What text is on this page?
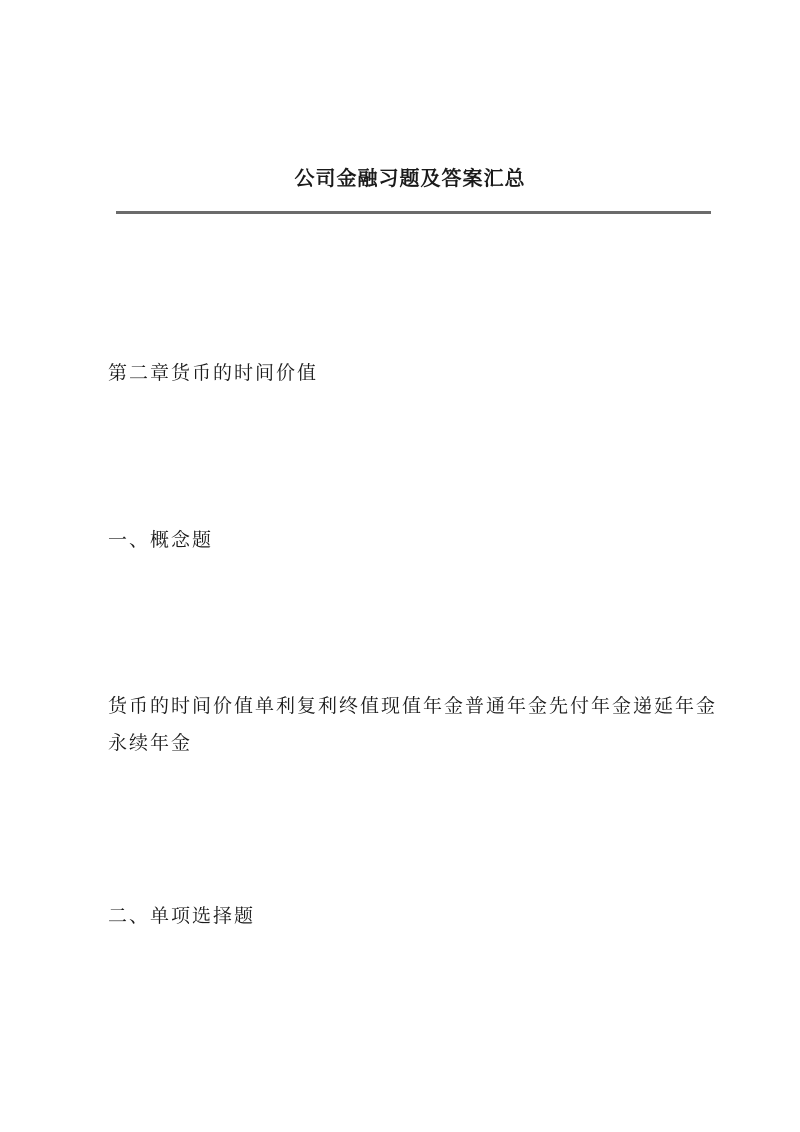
公司金融习题及答案汇总
第二章货币的时间价值
一、概念题
货币的时间价值单利复利终值现值年金普通年金先付年金递延年金永续年金
二、单项选择题
